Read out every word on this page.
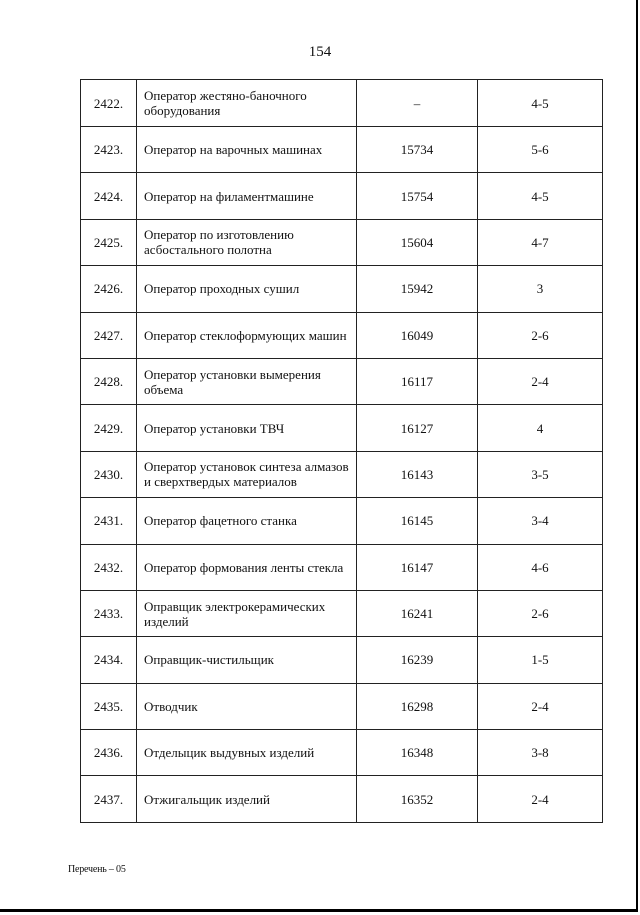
154
2422.	Оператор жестяно-баночного оборудования	–	4-5
2423.	Оператор на варочных машинах	15734	5-6
2424.	Оператор на филаментмашине	15754	4-5
2425.	Оператор по изготовлению асбостального полотна	15604	4-7
2426.	Оператор проходных сушил	15942	3
2427.	Оператор стеклоформующих машин	16049	2-6
2428.	Оператор установки вымерения объема	16117	2-4
2429.	Оператор установки ТВЧ	16127	4
2430.	Оператор установок синтеза алмазов и сверхтвердых материалов	16143	3-5
2431.	Оператор фацетного станка	16145	3-4
2432.	Оператор формования ленты стекла	16147	4-6
2433.	Оправщик электрокерамических изделий	16241	2-6
2434.	Оправщик-чистильщик	16239	1-5
2435.	Отводчик	16298	2-4
2436.	Отделыцик выдувных изделий	16348	3-8
2437.	Отжигальщик изделий	16352	2-4
Перечень – 05
